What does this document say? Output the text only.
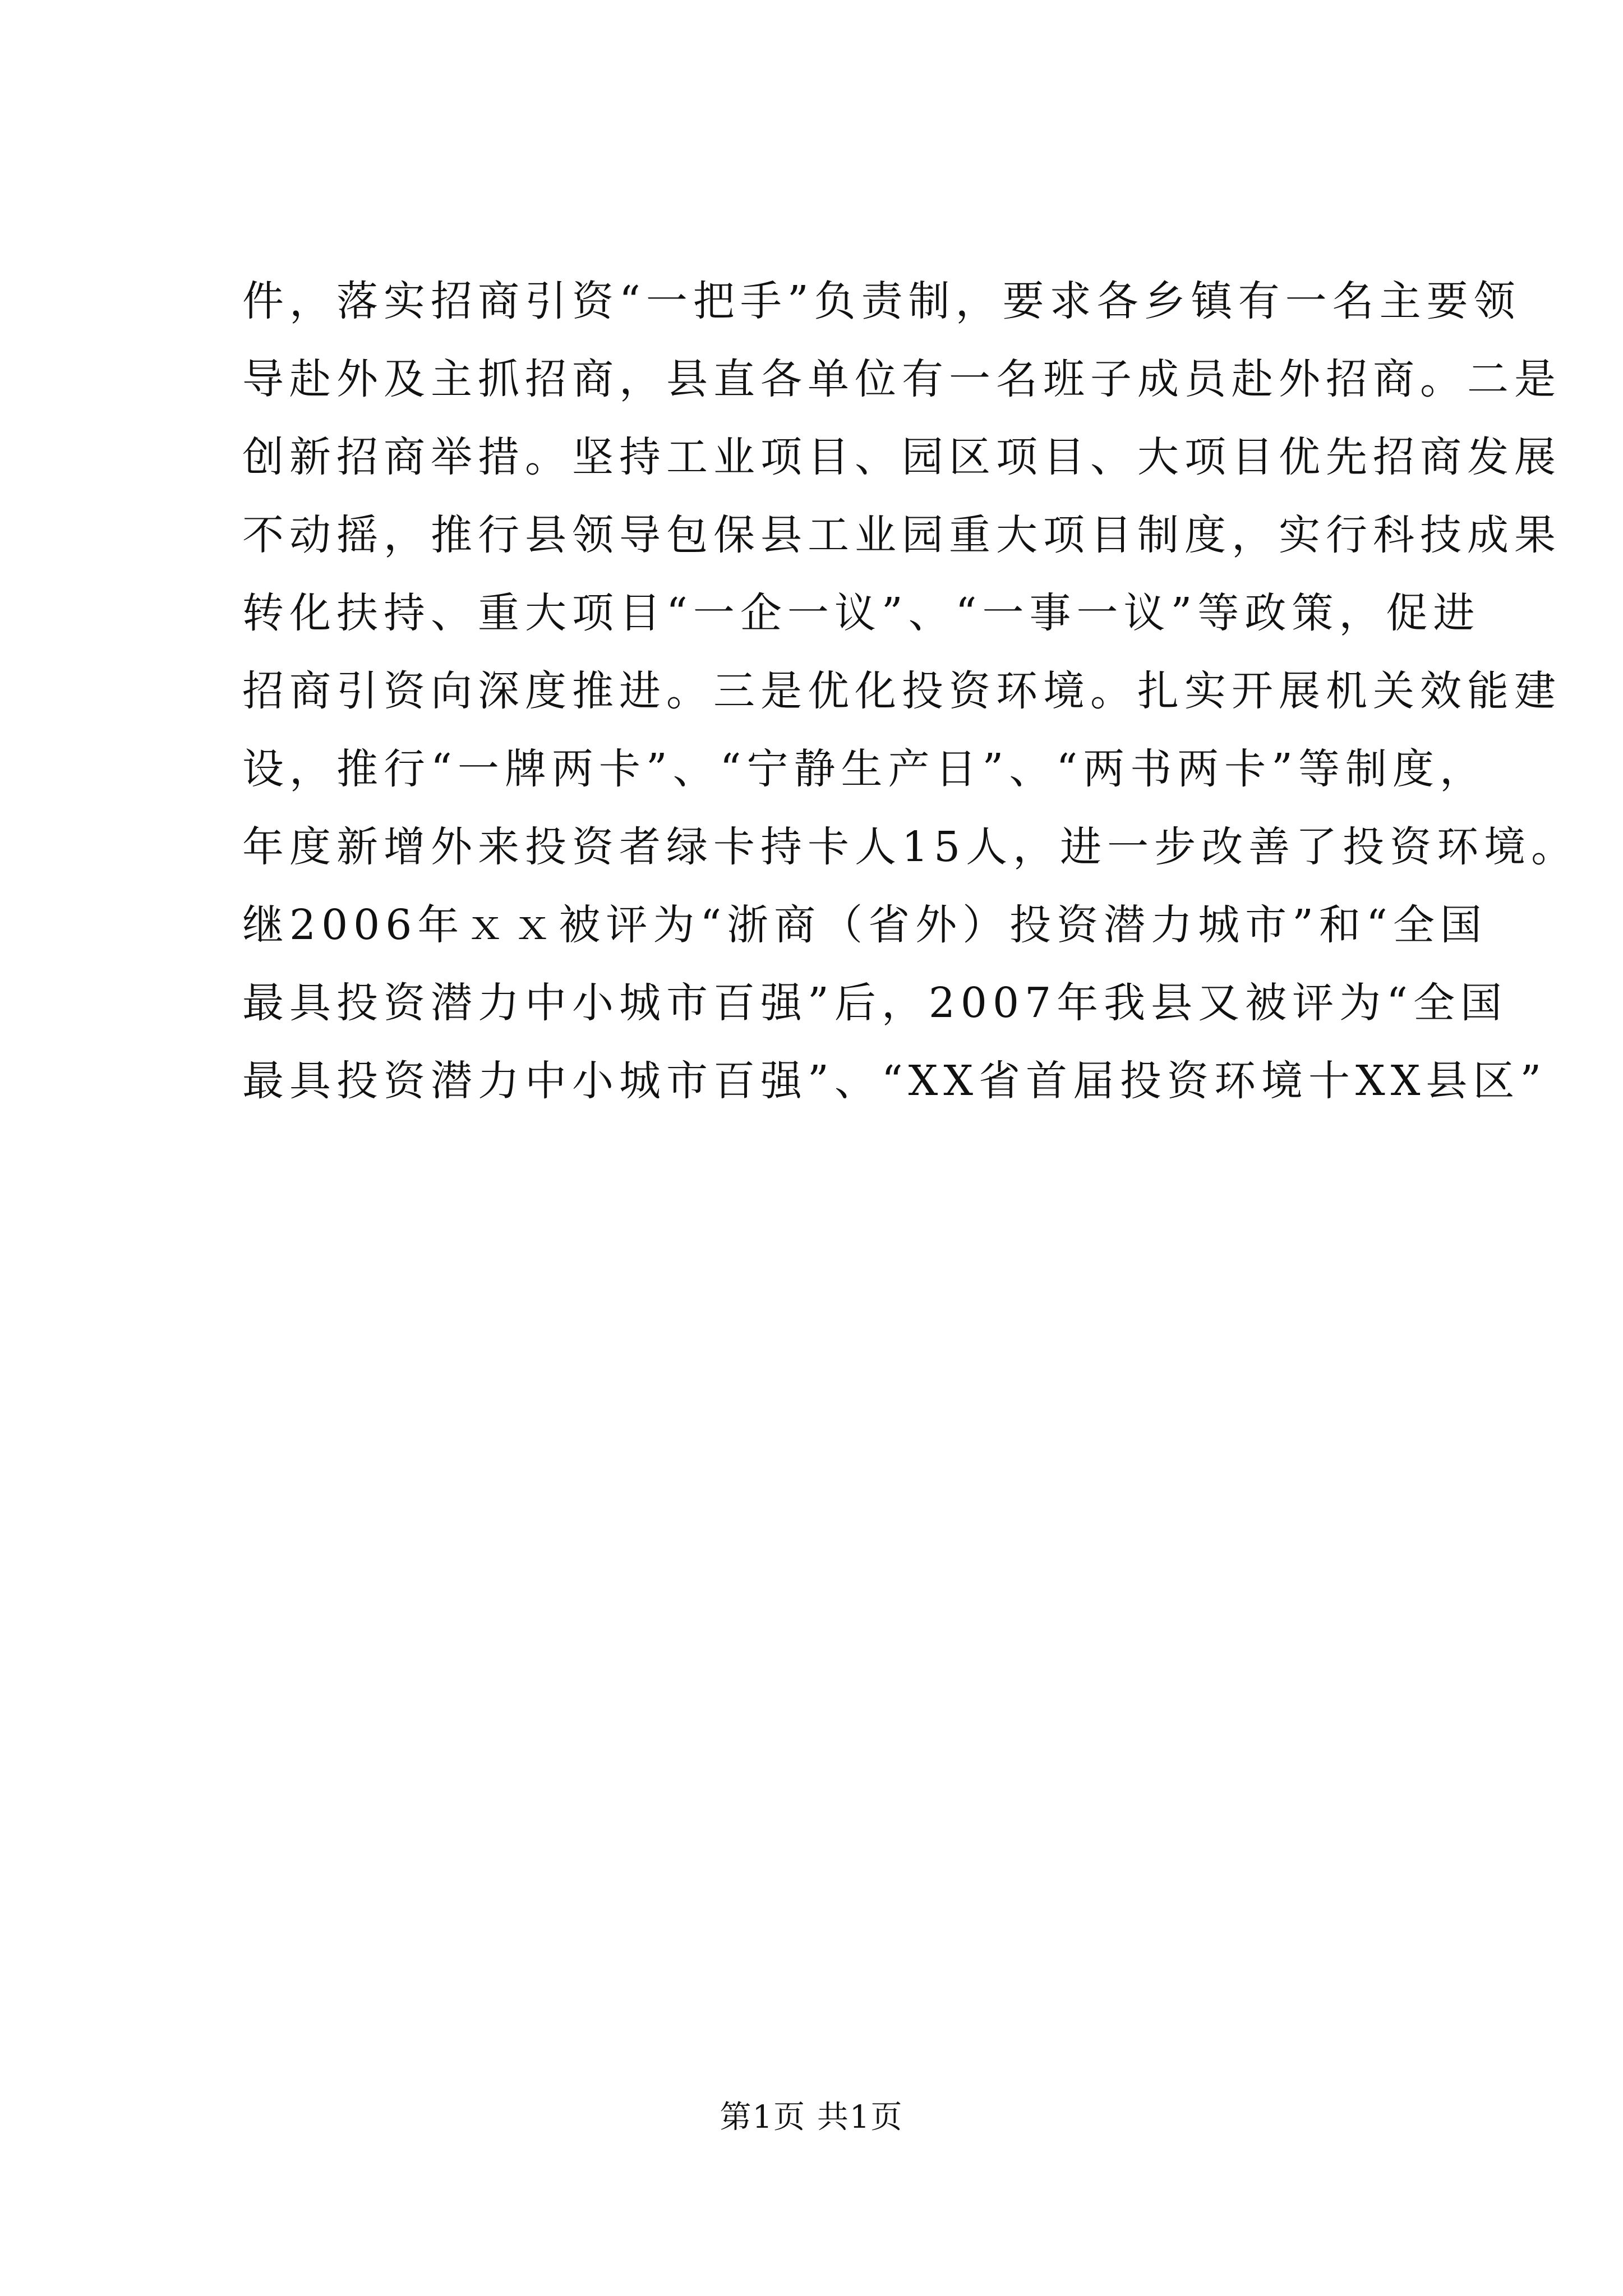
件，落实招商引资“一把手”负责制，要求各乡镇有一名主要领
导赴外及主抓招商，县直各单位有一名班子成员赴外招商。二是
创新招商举措。坚持工业项目、园区项目、大项目优先招商发展
不动摇，推行县领导包保县工业园重大项目制度，实行科技成果
转化扶持、重大项目“一企一议”、“一事一议”等政策，促进
招商引资向深度推进。三是优化投资环境。扎实开展机关效能建
设，推行“一牌两卡”、“宁静生产日”、“两书两卡”等制度，
年度新增外来投资者绿卡持卡人15人，进一步改善了投资环境。
继2006年ｘｘ被评为“浙商（省外）投资潜力城市”和“全国
最具投资潜力中小城市百强”后，2007年我县又被评为“全国
最具投资潜力中小城市百强”、“XX省首届投资环境十XX县区”
第1页 共1页
